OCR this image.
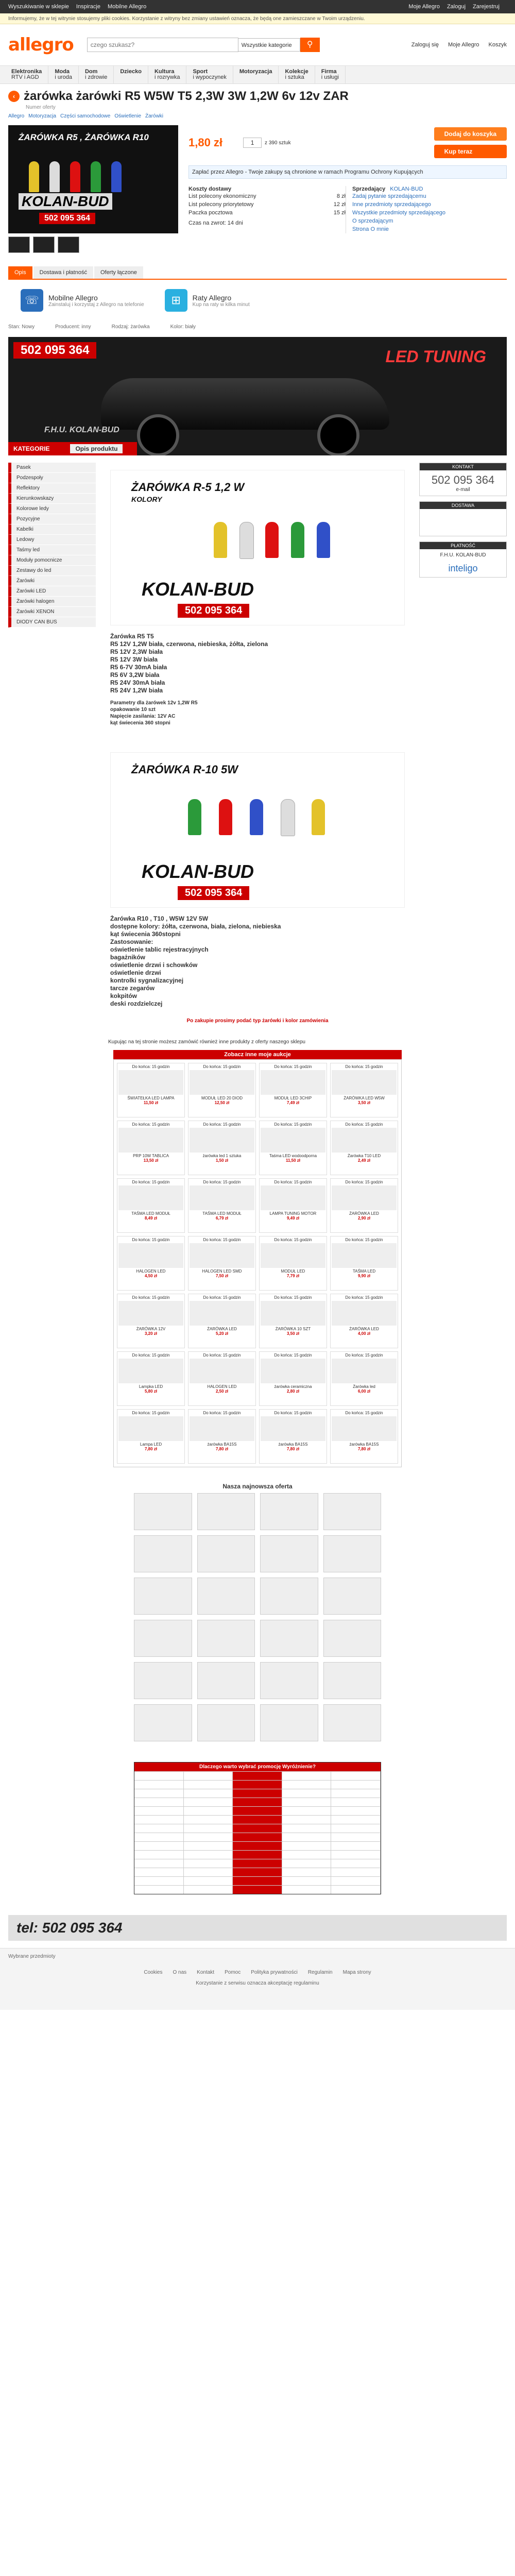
Wyszukiwanie w sklepie Inspiracje Mobilne Allegro	Moje Allegro Zaloguj Zarejestruj
Informujemy, że w tej witrynie stosujemy pliki cookies. Korzystanie z witryny bez zmiany ustawień oznacza, że będą one zamieszczane w Twoim urządzeniu.
allegro
czego szukasz?	Wszystkie kategorie	⚲	Zaloguj się Moje Allegro Koszyk
Elektronika
RTV i AGD
Moda
i uroda
Dom
i zdrowie
Dziecko Kultura
i rozrywka
Sport
i wypoczynek
Motoryzacja Kolekcje
i sztuka
Firma
i usługi
‹ żarówka żarówki R5 W5W T5 2,3W 3W 1,2W 6v 12v ZAR
Numer oferty
Allegro Motoryzacja Części samochodowe Oświetlenie Żarówki
ŻARÓWKA R5 , ŻARÓWKA R10
KOLAN-BUD
502 095 364
1,80 zł	1	z 390 sztuk
Dodaj do koszyka
Kup teraz
Zapłać przez Allegro - Twoje zakupy są chronione w ramach Programu Ochrony Kupujących
Koszty dostawy
List polecony ekonomiczny	8 zł
List polecony priorytetowy	12 zł
Paczka pocztowa	15 zł
Czas na zwrot: 14 dni
Sprzedający KOLAN-BUD
Zadaj pytanie sprzedającemu
Inne przedmioty sprzedającego
Wszystkie przedmioty sprzedającego
O sprzedającym
Strona O mnie
Opis	Dostawa i płatność	Oferty łączone
☏	Mobilne Allegro
Zainstaluj i korzystaj z Allegro na telefonie	⊞	Raty Allegro
Kup na raty w kilka minut
Stan: Nowy	Producent: inny	Rodzaj: żarówka	Kolor: biały
502 095 364	LED TUNING
F.H.U. KOLAN-BUD
KATEGORIE	Opis produktu
Pasek
Podzespoły
Reflektory
Kierunkowskazy
Kolorowe ledy
Pozycyjne
Kabelki
Ledowy
Taśmy led
Moduły pomocnicze
Zestawy do led
Żarówki
Żarówki LED
Żarówki halogen
Żarówki XENON
DIODY CAN BUS
ŻARÓWKA R-5 1,2 W
KOLORY
KOLAN-BUD
502 095 364
Żarówka R5 T5
R5 12V 1,2W biała, czerwona, niebieska, żółta, zielona
R5 12V 2,3W biała
R5 12V 3W biała
R5 6-7V 30mA biała
R5 6V 3,2W biała
R5 24V 30mA biała
R5 24V 1,2W biała
Parametry dla żarówek 12v 1,2W R5
opakowanie 10 szt
Napięcie zasilania: 12V AC
kąt świecenia 360 stopni
ŻARÓWKA R-10 5W
KOLAN-BUD
502 095 364
Żarówka R10 , T10 , W5W 12V 5W
dostępne kolory: żółta, czerwona, biała, zielona, niebieska
kąt świecenia 360stopni
Zastosowanie:
oświetlenie tablic rejestracyjnych
bagażników
oświetlenie drzwi i schowków
oświetlenie drzwi
kontrolki sygnalizacyjnej
tarcze zegarów
kokpitów
deski rozdzielczej
Po zakupie prosimy podać typ żarówki i kolor zamówienia
KONTAKT
502 095 364
e-mail
DOSTAWA
PŁATNOŚĆ
F.H.U. KOLAN-BUD
inteligo
Kupując na tej stronie możesz zamówić również inne produkty z oferty naszego sklepu
Zobacz inne moje aukcje
Do końca: 15 godzin
ŚWIATEŁKA LED LAMPA
11,50 zł
Do końca: 15 godzin
MODUŁ LED 20 DIOD
12,50 zł
Do końca: 15 godzin
MODUŁ LED 3CHIP
7,49 zł
Do końca: 15 godzin
ŻARÓWKA LED W5W
3,50 zł
Do końca: 15 godzin
PRP 10W TABLICA
13,50 zł
Do końca: 15 godzin
żarówka led 1 sztuka
1,50 zł
Do końca: 15 godzin
Taśma LED wodoodporna
11,50 zł
Do końca: 15 godzin
Żarówka T10 LED
2,49 zł
Do końca: 15 godzin
TAŚMA LED MODUŁ
8,49 zł
Do końca: 15 godzin
TAŚMA LED MODUŁ
6,79 zł
Do końca: 15 godzin
LAMPA TUNING MOTOR
9,49 zł
Do końca: 15 godzin
ŻARÓWKA LED
2,90 zł
Do końca: 15 godzin
HALOGEN LED
4,50 zł
Do końca: 15 godzin
HALOGEN LED SMD
7,50 zł
Do końca: 15 godzin
MODUŁ LED
7,79 zł
Do końca: 15 godzin
TAŚMA LED
9,90 zł
Do końca: 15 godzin
ŻARÓWKA 12V
3,20 zł
Do końca: 15 godzin
ŻARÓWKA LED
5,20 zł
Do końca: 15 godzin
ŻARÓWKA 10 SZT
3,50 zł
Do końca: 15 godzin
ŻARÓWKA LED
4,00 zł
Do końca: 15 godzin
Lampka LED
5,80 zł
Do końca: 15 godzin
HALOGEN LED
2,50 zł
Do końca: 15 godzin
żarówka ceramiczna
2,80 zł
Do końca: 15 godzin
Żarówka led
6,00 zł
Do końca: 15 godzin
Lampa LED
7,80 zł
Do końca: 15 godzin
żarówka BA15S
7,80 zł
Do końca: 15 godzin
żarówka BA15S
7,80 zł
Do końca: 15 godzin
żarówka BA15S
7,80 zł
Nasza najnowsza oferta
Dlaczego warto wybrać promocję Wyróżnienie?
tel: 502 095 364
Wybrane przedmioty
Cookies O nas Kontakt Pomoc Polityka prywatności Regulamin Mapa strony
Korzystanie z serwisu oznacza akceptację regulaminu
